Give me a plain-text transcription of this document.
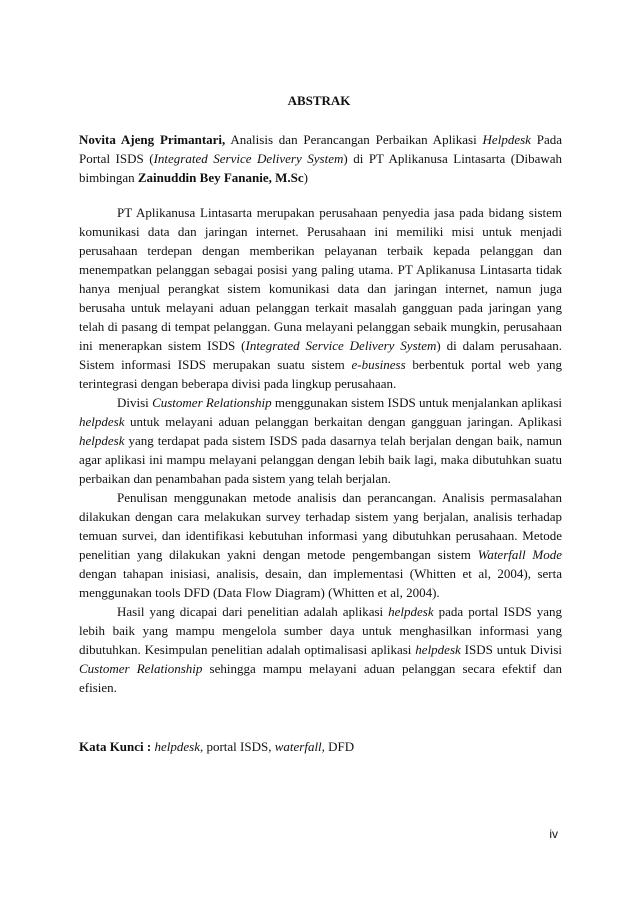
ABSTRAK

Novita Ajeng Primantari, Analisis dan Perancangan Perbaikan Aplikasi Helpdesk Pada Portal ISDS (Integrated Service Delivery System) di PT Aplikanusa Lintasarta (Dibawah bimbingan Zainuddin Bey Fananie, M.Sc)

PT Aplikanusa Lintasarta merupakan perusahaan penyedia jasa pada bidang sistem komunikasi data dan jaringan internet. Perusahaan ini memiliki misi untuk menjadi perusahaan terdepan dengan memberikan pelayanan terbaik kepada pelanggan dan menempatkan pelanggan sebagai posisi yang paling utama. PT Aplikanusa Lintasarta tidak hanya menjual perangkat sistem komunikasi data dan jaringan internet, namun juga berusaha untuk melayani aduan pelanggan terkait masalah gangguan pada jaringan yang telah di pasang di tempat pelanggan. Guna melayani pelanggan sebaik mungkin, perusahaan ini menerapkan sistem ISDS (Integrated Service Delivery System) di dalam perusahaan. Sistem informasi ISDS merupakan suatu sistem e-business berbentuk portal web yang terintegrasi dengan beberapa divisi pada lingkup perusahaan.

Divisi Customer Relationship menggunakan sistem ISDS untuk menjalankan aplikasi helpdesk untuk melayani aduan pelanggan berkaitan dengan gangguan jaringan. Aplikasi helpdesk yang terdapat pada sistem ISDS pada dasarnya telah berjalan dengan baik, namun agar aplikasi ini mampu melayani pelanggan dengan lebih baik lagi, maka dibutuhkan suatu perbaikan dan penambahan pada sistem yang telah berjalan.

Penulisan menggunakan metode analisis dan perancangan. Analisis permasalahan dilakukan dengan cara melakukan survey terhadap sistem yang berjalan, analisis terhadap temuan survei, dan identifikasi kebutuhan informasi yang dibutuhkan perusahaan. Metode penelitian yang dilakukan yakni dengan metode pengembangan sistem Waterfall Mode dengan tahapan inisiasi, analisis, desain, dan implementasi (Whitten et al, 2004), serta menggunakan tools DFD (Data Flow Diagram) (Whitten et al, 2004).

Hasil yang dicapai dari penelitian adalah aplikasi helpdesk pada portal ISDS yang lebih baik yang mampu mengelola sumber daya untuk menghasilkan informasi yang dibutuhkan. Kesimpulan penelitian adalah optimalisasi aplikasi helpdesk ISDS untuk Divisi Customer Relationship sehingga mampu melayani aduan pelanggan secara efektif dan efisien.

Kata Kunci : helpdesk, portal ISDS, waterfall, DFD

iv
